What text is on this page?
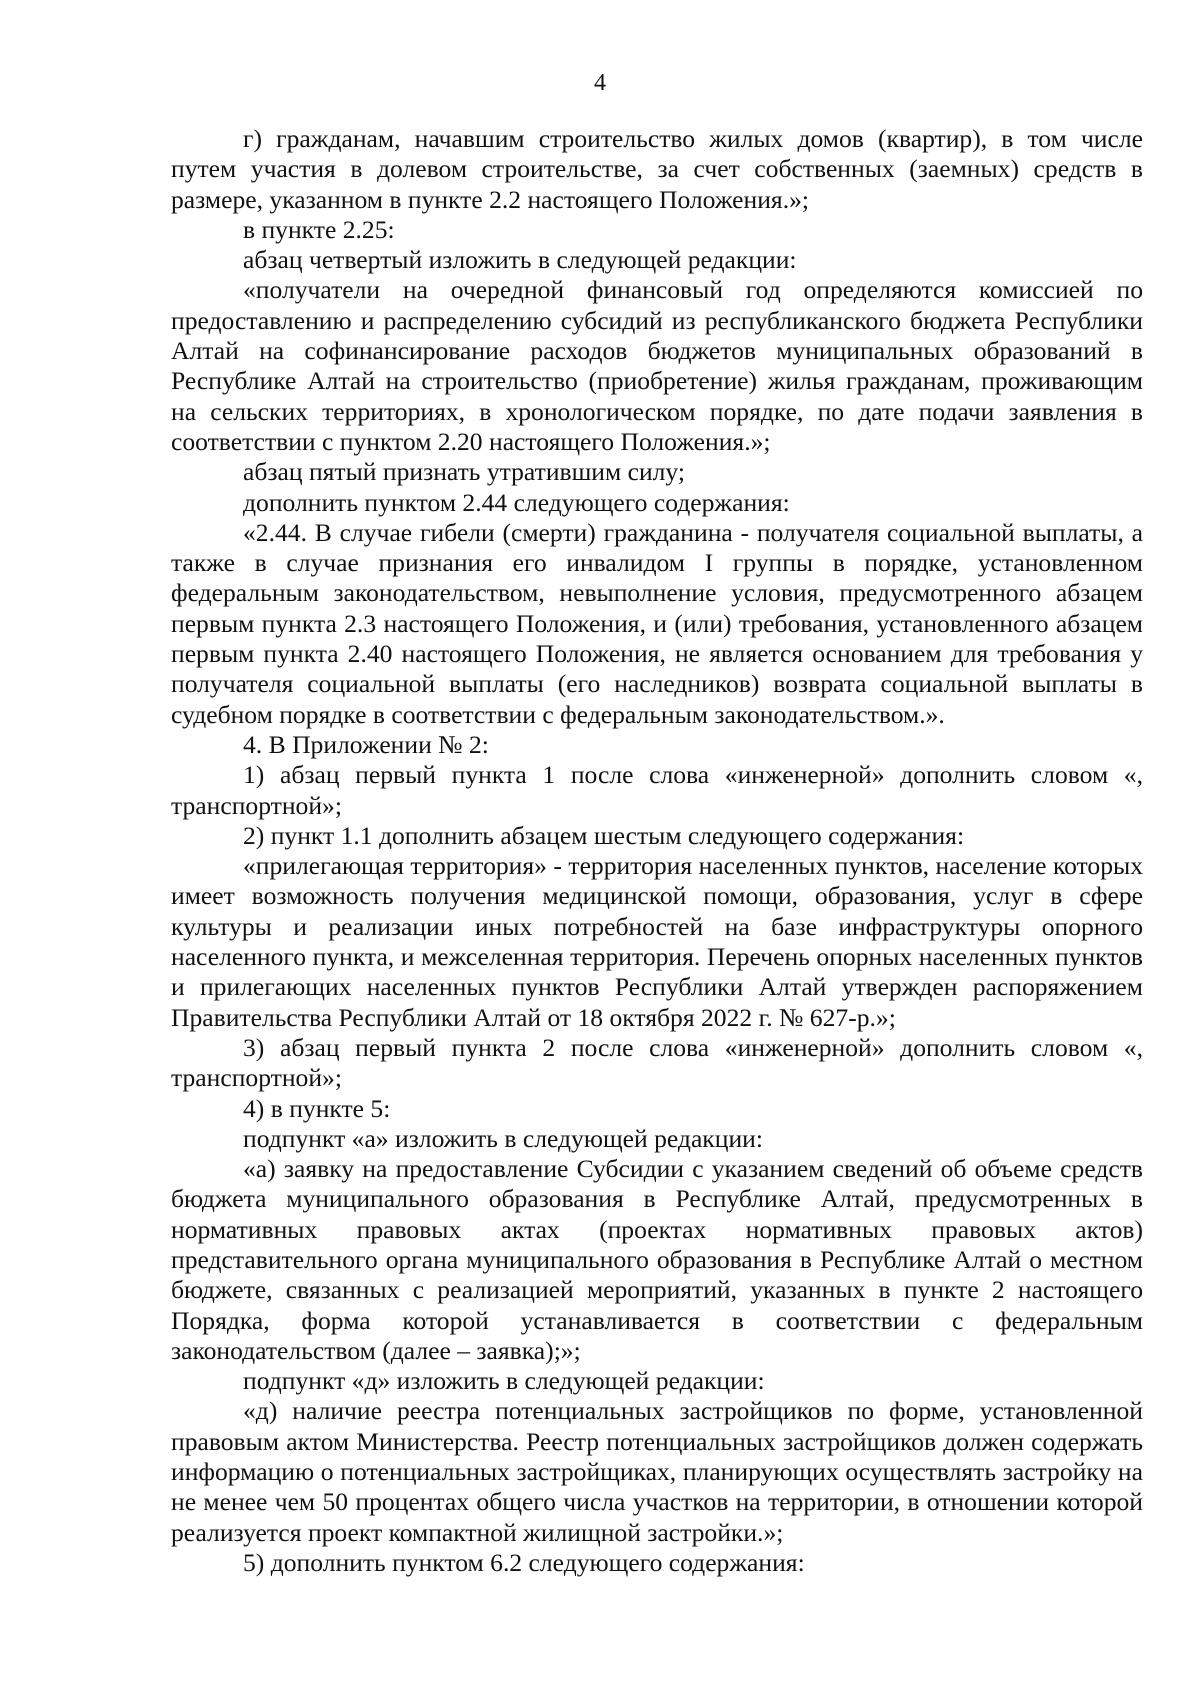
4

г) гражданам, начавшим строительство жилых домов (квартир), в том числе путем участия в долевом строительстве, за счет собственных (заемных) средств в размере, указанном в пункте 2.2 настоящего Положения.»;

в пункте 2.25:

абзац четвертый изложить в следующей редакции:

«получатели на очередной финансовый год определяются комиссией по предоставлению и распределению субсидий из республиканского бюджета Республики Алтай на софинансирование расходов бюджетов муниципальных образований в Республике Алтай на строительство (приобретение) жилья гражданам, проживающим на сельских территориях, в хронологическом порядке, по дате подачи заявления в соответствии с пунктом 2.20 настоящего Положения.»;

абзац пятый признать утратившим силу;

дополнить пунктом 2.44 следующего содержания:

«2.44. В случае гибели (смерти) гражданина - получателя социальной выплаты, а также в случае признания его инвалидом I группы в порядке, установленном федеральным законодательством, невыполнение условия, предусмотренного абзацем первым пункта 2.3 настоящего Положения, и (или) требования, установленного абзацем первым пункта 2.40 настоящего Положения, не является основанием для требования у получателя социальной выплаты (его наследников) возврата социальной выплаты в судебном порядке в соответствии с федеральным законодательством.».

4. В Приложении № 2:

1) абзац первый пункта 1 после слова «инженерной» дополнить словом «, транспортной»;

2) пункт 1.1 дополнить абзацем шестым следующего содержания:

«прилегающая территория» - территория населенных пунктов, население которых имеет возможность получения медицинской помощи, образования, услуг в сфере культуры и реализации иных потребностей на базе инфраструктуры опорного населенного пункта, и межселенная территория. Перечень опорных населенных пунктов и прилегающих населенных пунктов Республики Алтай утвержден распоряжением Правительства Республики Алтай от 18 октября 2022 г. № 627-р.»;

3) абзац первый пункта 2 после слова «инженерной» дополнить словом «, транспортной»;

4) в пункте 5:

подпункт «а» изложить в следующей редакции:

«а) заявку на предоставление Субсидии с указанием сведений об объеме средств бюджета муниципального образования в Республике Алтай, предусмотренных в нормативных правовых актах (проектах нормативных правовых актов) представительного органа муниципального образования в Республике Алтай о местном бюджете, связанных с реализацией мероприятий, указанных в пункте 2 настоящего Порядка, форма которой устанавливается в соответствии с федеральным законодательством (далее – заявка);»;

подпункт «д» изложить в следующей редакции:

«д) наличие реестра потенциальных застройщиков по форме, установленной правовым актом Министерства. Реестр потенциальных застройщиков должен содержать информацию о потенциальных застройщиках, планирующих осуществлять застройку на не менее чем 50 процентах общего числа участков на территории, в отношении которой реализуется проект компактной жилищной застройки.»;

5) дополнить пунктом 6.2 следующего содержания:
